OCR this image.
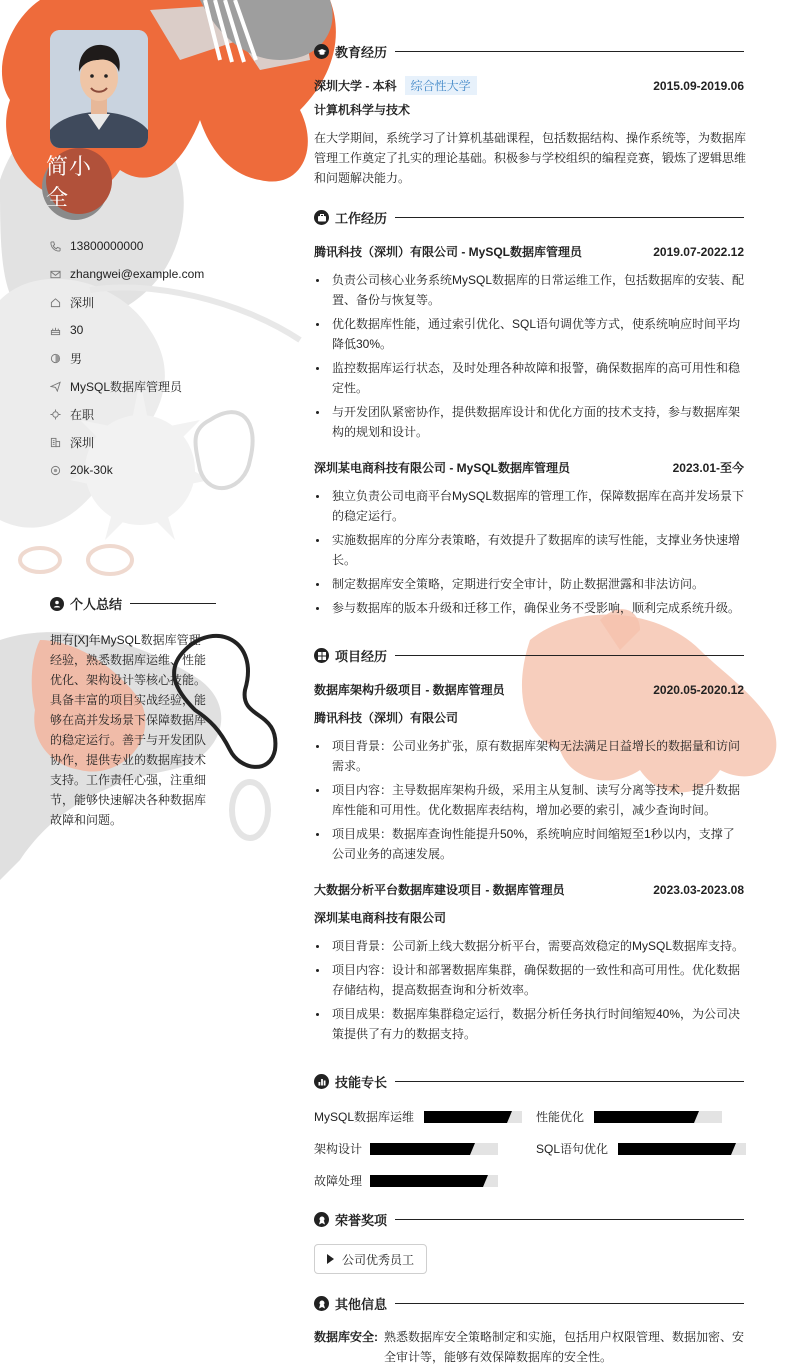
简小全
13800000000
zhangwei@example.com
深圳
30
男
MySQL数据库管理员
在职
深圳
20k-30k
个人总结
拥有[X]年MySQL数据库管理经验，熟悉数据库运维、性能优化、架构设计等核心技能。具备丰富的项目实战经验，能够在高并发场景下保障数据库的稳定运行。善于与开发团队协作，提供专业的数据库技术支持。工作责任心强，注重细节，能够快速解决各种数据库故障和问题。
教育经历
深圳大学 - 本科 综合性大学	2015.09-2019.06
计算机科学与技术
在大学期间，系统学习了计算机基础课程，包括数据结构、操作系统等，为数据库管理工作奠定了扎实的理论基础。积极参与学校组织的编程竞赛，锻炼了逻辑思维和问题解决能力。
工作经历
腾讯科技（深圳）有限公司 - MySQL数据库管理员	2019.07-2022.12
负责公司核心业务系统MySQL数据库的日常运维工作，包括数据库的安装、配置、备份与恢复等。
优化数据库性能，通过索引优化、SQL语句调优等方式，使系统响应时间平均降低30%。
监控数据库运行状态，及时处理各种故障和报警，确保数据库的高可用性和稳定性。
与开发团队紧密协作，提供数据库设计和优化方面的技术支持，参与数据库架构的规划和设计。
深圳某电商科技有限公司 - MySQL数据库管理员	2023.01-至今
独立负责公司电商平台MySQL数据库的管理工作，保障数据库在高并发场景下的稳定运行。
实施数据库的分库分表策略，有效提升了数据库的读写性能，支撑业务快速增长。
制定数据库安全策略，定期进行安全审计，防止数据泄露和非法访问。
参与数据库的版本升级和迁移工作，确保业务不受影响，顺利完成系统升级。
项目经历
数据库架构升级项目 - 数据库管理员	2020.05-2020.12
腾讯科技（深圳）有限公司
项目背景：公司业务扩张，原有数据库架构无法满足日益增长的数据量和访问需求。
项目内容：主导数据库架构升级，采用主从复制、读写分离等技术，提升数据库性能和可用性。优化数据库表结构，增加必要的索引，减少查询时间。
项目成果：数据库查询性能提升50%，系统响应时间缩短至1秒以内，支撑了公司业务的高速发展。
大数据分析平台数据库建设项目 - 数据库管理员	2023.03-2023.08
深圳某电商科技有限公司
项目背景：公司新上线大数据分析平台，需要高效稳定的MySQL数据库支持。
项目内容：设计和部署数据库集群，确保数据的一致性和高可用性。优化数据存储结构，提高数据查询和分析效率。
项目成果：数据库集群稳定运行，数据分析任务执行时间缩短40%，为公司决策提供了有力的数据支持。
技能专长
MySQL数据库运维	性能优化
架构设计	SQL语句优化
故障处理
荣誉奖项
公司优秀员工
其他信息
数据库安全: 熟悉数据库安全策略制定和实施，包括用户权限管理、数据加密、安全审计等，能够有效保障数据库的安全性。
